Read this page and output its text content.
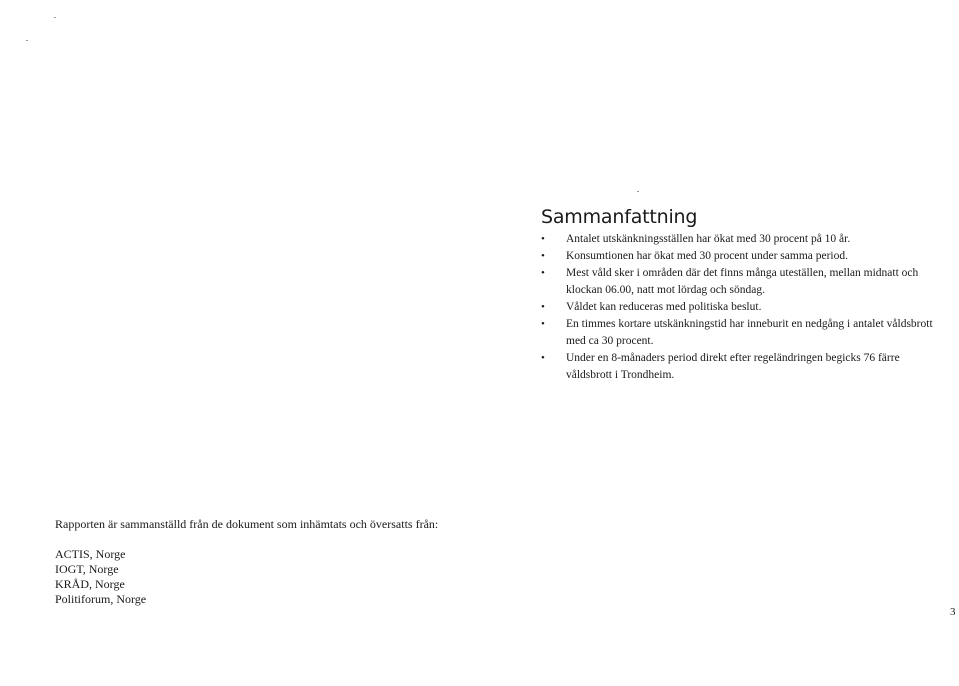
Sammanfattning
• Antalet utskänkningsställen har ökat med 30 procent på 10 år.
• Konsumtionen har ökat med 30 procent under samma period.
• Mest våld sker i områden där det finns många uteställen, mellan midnatt och klockan 06.00, natt mot lördag och söndag.
• Våldet kan reduceras med politiska beslut.
• En timmes kortare utskänkningstid har inneburit en nedgång i antalet våldsbrott med ca 30 procent.
• Under en 8-månaders period direkt efter regeländringen begicks 76 färre våldsbrott i Trondheim.

Rapporten är sammanställd från de dokument som inhämtats och översatts från:

ACTIS, Norge
IOGT, Norge
KRÅD, Norge
Politiforum, Norge
3
